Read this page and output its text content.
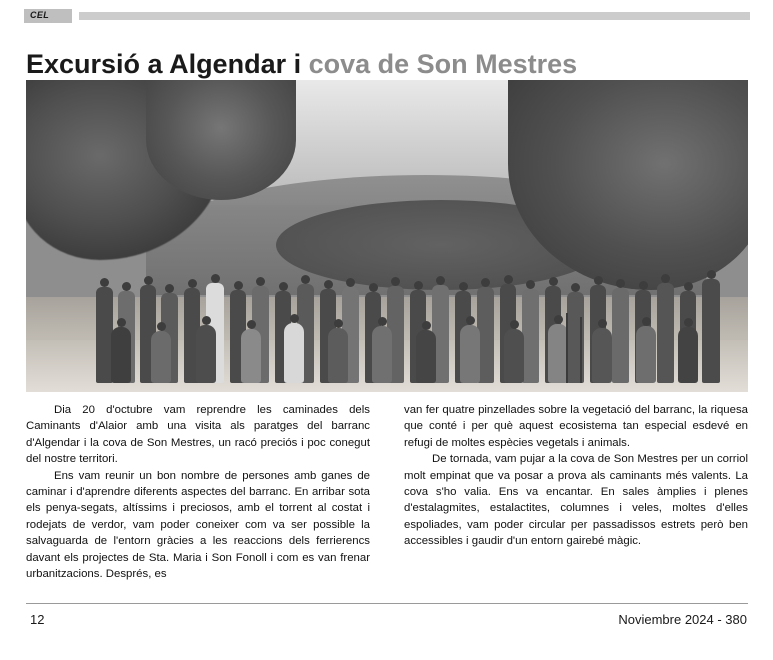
CEL
Excursió a Algendar i cova de Son Mestres

Dia 20 d'octubre vam reprendre les caminades dels Caminants d'Alaior amb una visita als paratges del barranc d'Algendar i la cova de Son Mestres, un racó preciós i poc conegut del nostre territori.

Ens vam reunir un bon nombre de persones amb ganes de caminar i d'aprendre diferents aspectes del barranc. En arribar sota els penya-segats, altíssims i preciosos, amb el torrent al costat i rodejats de verdor, vam poder coneixer com va ser possible la salvaguarda de l'entorn gràcies a les reaccions dels ferrierencs davant els projectes de Sta. Maria i Son Fonoll i com es van frenar urbanitzacions. Després, es

van fer quatre pinzellades sobre la vegetació del barranc, la riquesa que conté i per què aquest ecosistema tan especial esdevé en refugi de moltes espècies vegetals i animals.

De tornada, vam pujar a la cova de Son Mestres per un corriol molt empinat que va posar a prova als caminants més valents. La cova s'ho valia. Ens va encantar. En sales àmplies i plenes d'estalagmites, estalactites, columnes i veles, moltes d'elles espoliades, vam poder circular per passadissos estrets però ben accessibles i gaudir d'un entorn gairebé màgic.

12	Noviembre 2024 - 380
